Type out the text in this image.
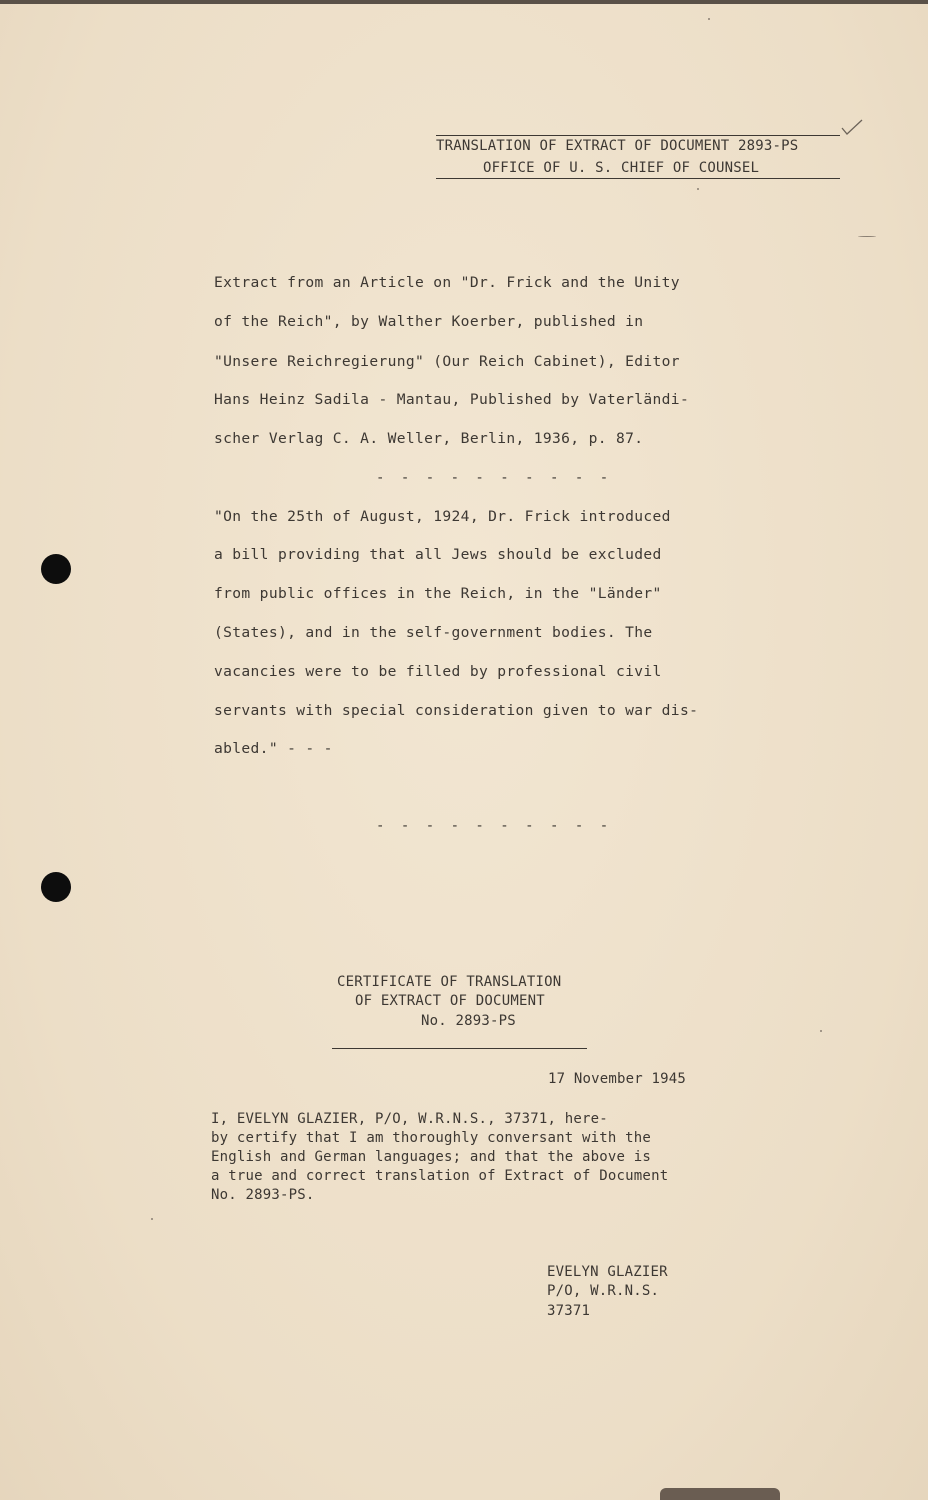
TRANSLATION OF EXTRACT OF DOCUMENT 2893-PS
OFFICE OF U. S. CHIEF OF COUNSEL
Extract from an Article on "Dr. Frick and the Unity
of the Reich", by Walther Koerber, published in
"Unsere Reichregierung" (Our Reich Cabinet), Editor
Hans Heinz Sadila - Mantau, Published by Vaterländi-
scher Verlag C. A. Weller, Berlin, 1936, p. 87.
- - - - - - - - - -
"On the 25th of August, 1924, Dr. Frick introduced
a bill providing that all Jews should be excluded
from public offices in the Reich, in the "Länder"
(States), and in the self-government bodies. The
vacancies were to be filled by professional civil
servants with special consideration given to war dis-
abled." - - -
- - - - - - - - - -
CERTIFICATE OF TRANSLATION
OF EXTRACT OF DOCUMENT
No. 2893-PS
17 November 1945
I, EVELYN GLAZIER, P/O, W.R.N.S., 37371, here-
by certify that I am thoroughly conversant with the
English and German languages; and that the above is
a true and correct translation of Extract of Document
No. 2893-PS.
EVELYN GLAZIER
P/O, W.R.N.S.
37371
